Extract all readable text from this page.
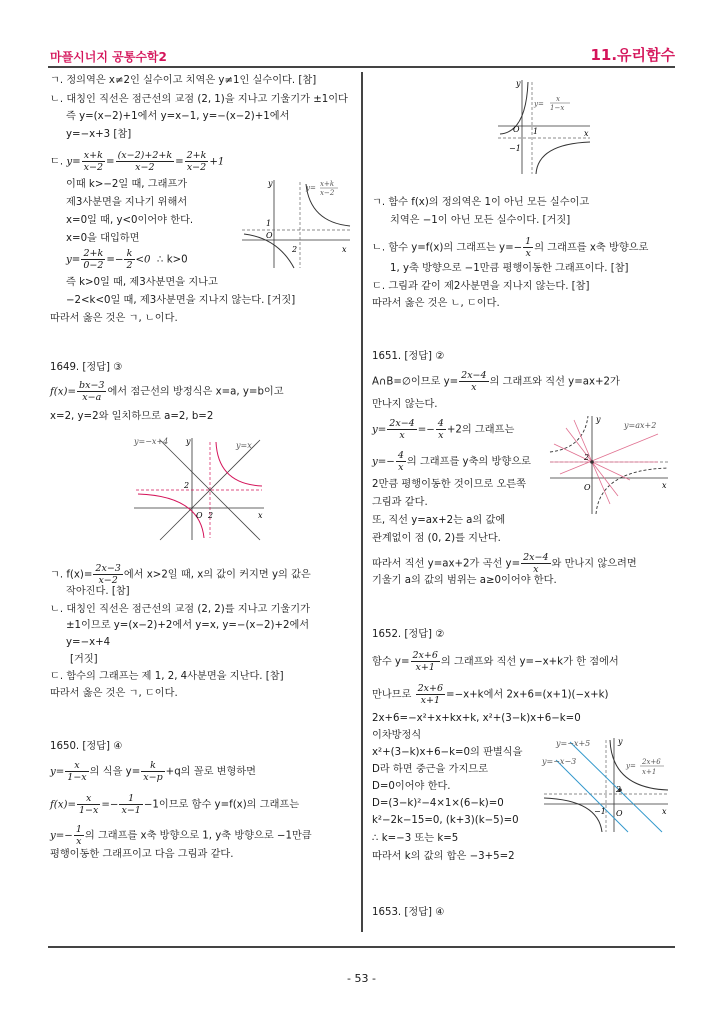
마플시너지 공통수학2	11.유리함수
ㄱ. 정의역은 x≠2인 실수이고 치역은 y≠1인 실수이다. [참]
ㄴ. 대칭인 직선은 점근선의 교점 (2, 1)을 지나고 기울기가 ±1이다
즉 y=(x−2)+1에서 y=x−1, y=−(x−2)+1에서
y=−x+3 [참]
ㄷ. $y= \frac{x+k}{x-2} = \frac{(x-2)+2+k}{x-2} = \frac{2+k}{x-2} +1$
이때 k>−2일 때, 그래프가
제3사분면을 지나기 위해서
x=0일 때, y<0이어야 한다.
x=0을 대입하면
$y= \frac{2+k}{0-2} =- \frac{k}{2} <0$ ∴ k>0
즉 k>0일 때, 제3사분면을 지나고
−2<k<0일 때, 제3사분면을 지나지 않는다. [거짓]
따라서 옳은 것은 ㄱ, ㄴ이다.
1
O
2	x
y	y= x+k
x−2
1649. [정답] ③
$f(x)= \frac{bx-3}{x-a}$ 에서 점근선의 방정식은 x=a, y=b이고
x=2, y=2와 일치하므로 a=2, b=2
y=−x+4	y=x
2
O 2	x
y
ㄱ. $f(x)= \frac{2x-3}{x-2}$ 에서 x>2일 때, x의 값이 커지면 y의 값은
작아진다. [참]
ㄴ. 대칭인 직선은 점근선의 교점 (2, 2)를 지나고 기울기가
±1이므로 y=(x−2)+2에서 y=x, y=−(x−2)+2에서
y=−x+4
[거짓]
ㄷ. 함수의 그래프는 제 1, 2, 4사분면을 지난다. [참]
따라서 옳은 것은 ㄱ, ㄷ이다.
1650. [정답] ④
$y= \frac{x}{1-x}$ 의 식을 $y= \frac{k}{x-p} +q$의 꼴로 변형하면
$f(x)= \frac{x}{1-x} =- \frac{1}{x-1} -1$이므로 함수 y=f(x)의 그래프는
$y=- \frac{1}{x}$ 의 그래프를 x축 방향으로 1, y축 방향으로 −1만큼
평행이동한 그래프이고 다음 그림과 같다.
O 1
−1
x
y
y=
x
1−x
ㄱ. 함수 f(x)의 정의역은 1이 아닌 모든 실수이고
치역은 −1이 아닌 모든 실수이다. [거짓]
ㄴ. 함수 y=f(x)의 그래프는 $y=- \frac{1}{x}$ 의 그래프를 x축 방향으로
1, y축 방향으로 −1만큼 평행이동한 그래프이다. [참]
ㄷ. 그림과 같이 제2사분면을 지나지 않는다. [참]
따라서 옳은 것은 ㄴ, ㄷ이다.
1651. [정답] ②
A∩B=∅이므로 $y= \frac{2x-4}{x}$ 의 그래프와 직선 y=ax+2가
만나지 않는다.
$y= \frac{2x-4}{x} =- \frac{4}{x} +2$의 그래프는
$y=- \frac{4}{x}$ 의 그래프를 y축의 방향으로
2만큼 평행이동한 것이므로 오른쪽
그림과 같다.
또, 직선 y=ax+2는 a의 값에
관계없이 점 (0, 2)를 지난다.
y=ax+2
2
O	x
y
따라서 직선 y=ax+2가 곡선 $y= \frac{2x-4}{x}$ 와 만나지 않으려면
기울기 a의 값의 범위는 a≥0이어야 한다.
1652. [정답] ②
함수 $y= \frac{2x+6}{x+1}$ 의 그래프와 직선 y=−x+k가 한 점에서
만나므로 $\frac{2x+6}{x+1} =-x+k$에서 2x+6=(x+1)(−x+k)
2x+6=−x²+x+kx+k, x²+(3−k)x+6−k=0
이차방정식
x²+(3−k)x+6−k=0의 판별식을
D라 하면 중근을 가지므로
D=0이어야 한다.
D=(3−k)²−4×1×(6−k)=0
k²−2k−15=0, (k+3)(k−5)=0
∴ k=−3 또는 k=5
따라서 k의 값의 합은 −3+5=2
y=−x+5
y=−x−3	y= 2x+6
x+1
2
−1 O	x
y
1653. [정답] ④
- 53 -
